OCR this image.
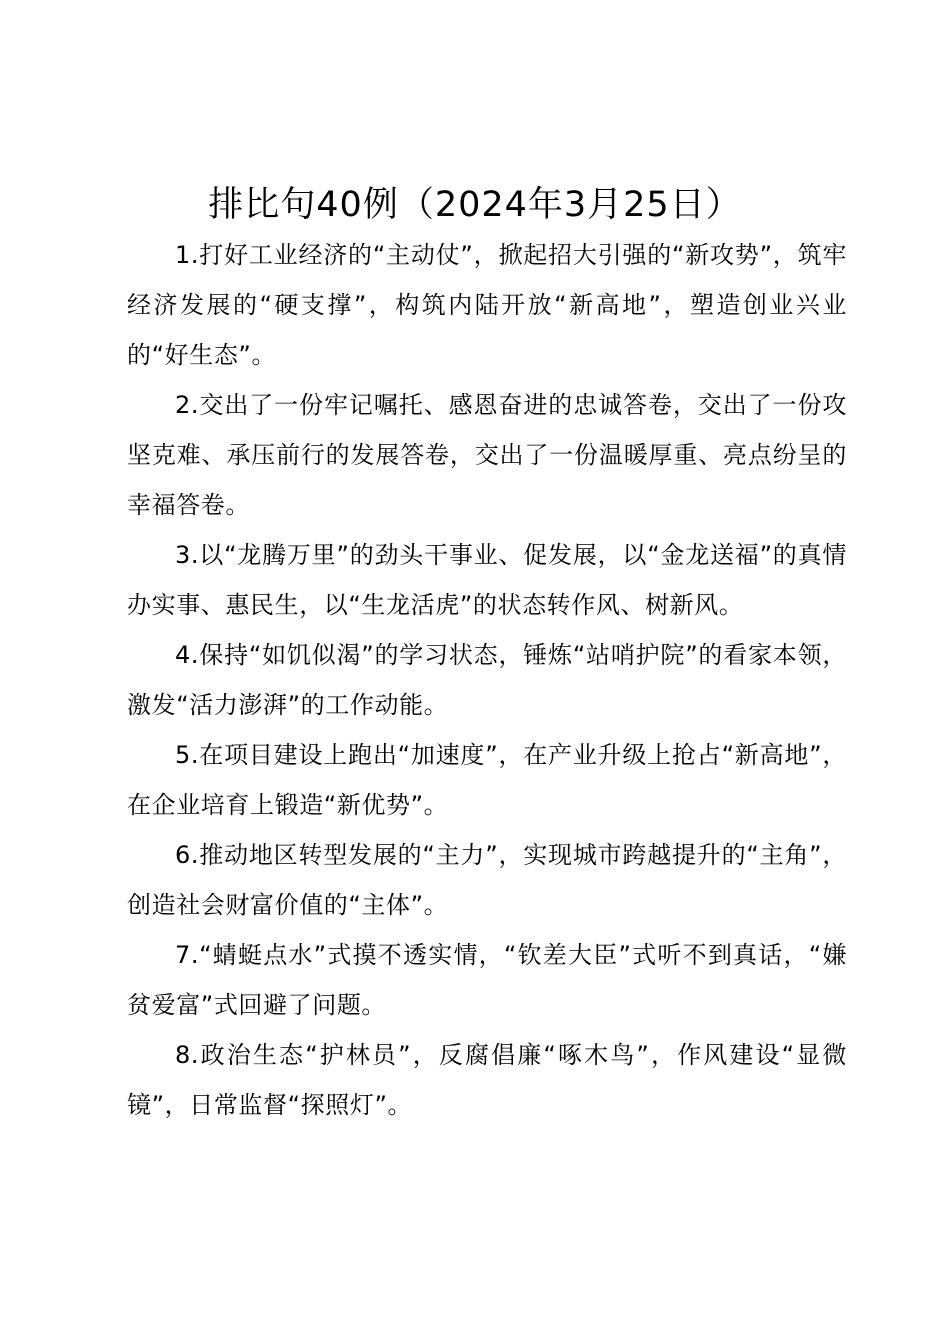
排比句40例（2024年3月25日）

1.打好工业经济的“主动仗”，掀起招大引强的“新攻势”，筑牢经济发展的“硬支撑”，构筑内陆开放“新高地”，塑造创业兴业的“好生态”。

2.交出了一份牢记嘱托、感恩奋进的忠诚答卷，交出了一份攻坚克难、承压前行的发展答卷，交出了一份温暖厚重、亮点纷呈的幸福答卷。

3.以“龙腾万里”的劲头干事业、促发展，以“金龙送福”的真情办实事、惠民生，以“生龙活虎”的状态转作风、树新风。

4.保持“如饥似渴”的学习状态，锤炼“站哨护院”的看家本领，激发“活力澎湃”的工作动能。

5.在项目建设上跑出“加速度”，在产业升级上抢占“新高地”，在企业培育上锻造“新优势”。

6.推动地区转型发展的“主力”，实现城市跨越提升的“主角”，创造社会财富价值的“主体”。

7.“蜻蜓点水”式摸不透实情，“钦差大臣”式听不到真话，“嫌贫爱富”式回避了问题。

8.政治生态“护林员”，反腐倡廉“啄木鸟”，作风建设“显微镜”，日常监督“探照灯”。
